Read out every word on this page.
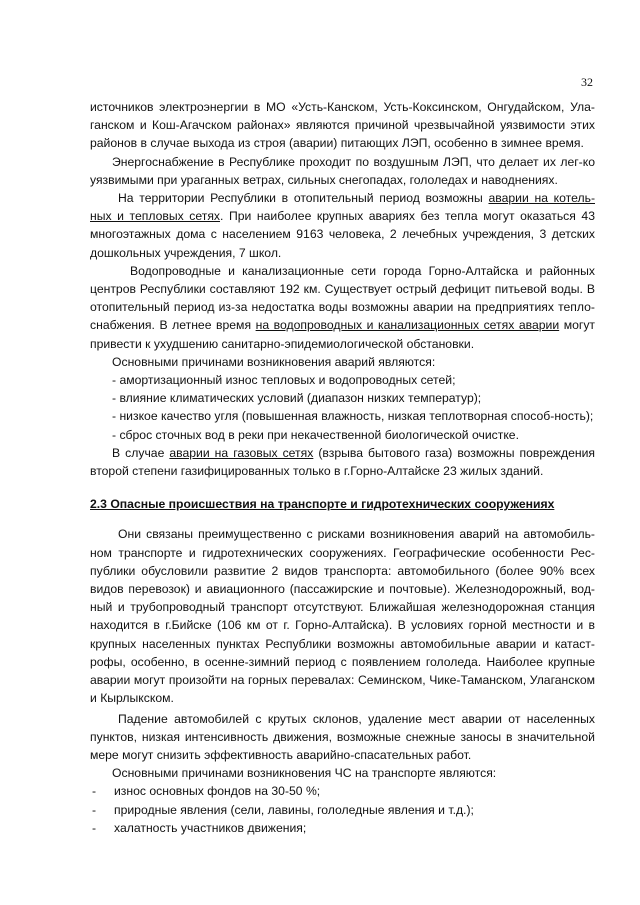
32

источников электроэнергии в МО «Усть-Канском, Усть-Коксинском, Онгудайском, Ула-ганском и Кош-Агачском районах» являются причиной чрезвычайной уязвимости этих районов в случае выхода из строя (аварии) питающих ЛЭП, особенно в зимнее время.

Энергоснабжение в Республике проходит по воздушным ЛЭП, что делает их лег-ко уязвимыми при ураганных ветрах, сильных снегопадах, гололедах и наводнениях.

На территории Республики в отопительный период возможны аварии на котель-ных и тепловых сетях. При наиболее крупных авариях без тепла могут оказаться 43 многоэтажных дома с населением 9163 человека, 2 лечебных учреждения, 3 детских дошкольных учреждения, 7 школ.

Водопроводные и канализационные сети города Горно-Алтайска и районных центров Республики составляют 192 км. Существует острый дефицит питьевой воды. В отопительный период из-за недостатка воды возможны аварии на предприятиях тепло-снабжения. В летнее время на водопроводных и канализационных сетях аварии могут привести к ухудшению санитарно-эпидемиологической обстановки.

Основными причинами возникновения аварий являются:

- амортизационный износ тепловых и водопроводных сетей;

- влияние климатических условий (диапазон низких температур);

- низкое качество угля (повышенная влажность, низкая теплотворная способ-ность);

- сброс сточных вод в реки при некачественной биологической очистке.

В случае аварии на газовых сетях (взрыва бытового газа) возможны повреждения второй степени газифицированных только в г.Горно-Алтайске 23 жилых зданий.

2.3 Опасные происшествия на транспорте и гидротехнических сооружениях

Они связаны преимущественно с рисками возникновения аварий на автомобиль-ном транспорте и гидротехнических сооружениях. Географические особенности Рес-публики обусловили развитие 2 видов транспорта: автомобильного (более 90% всех видов перевозок) и авиационного (пассажирские и почтовые). Железнодорожный, вод-ный и трубопроводный транспорт отсутствуют. Ближайшая железнодорожная станция находится в г.Бийске (106 км от г. Горно-Алтайска). В условиях горной местности и в крупных населенных пунктах Республики возможны автомобильные аварии и катаст-рофы, особенно, в осенне-зимний период с появлением гололеда. Наиболее крупные аварии могут произойти на горных перевалах: Семинском, Чике-Таманском, Улаганском и Кырлыкском.

Падение автомобилей с крутых склонов, удаление мест аварии от населенных пунктов, низкая интенсивность движения, возможные снежные заносы в значительной мере могут снизить эффективность аварийно-спасательных работ.

Основными причинами возникновения ЧС на транспорте являются:

-	износ основных фондов на 30-50 %;
-	природные явления (сели, лавины, гололедные явления и т.д.);
-	халатность участников движения;
